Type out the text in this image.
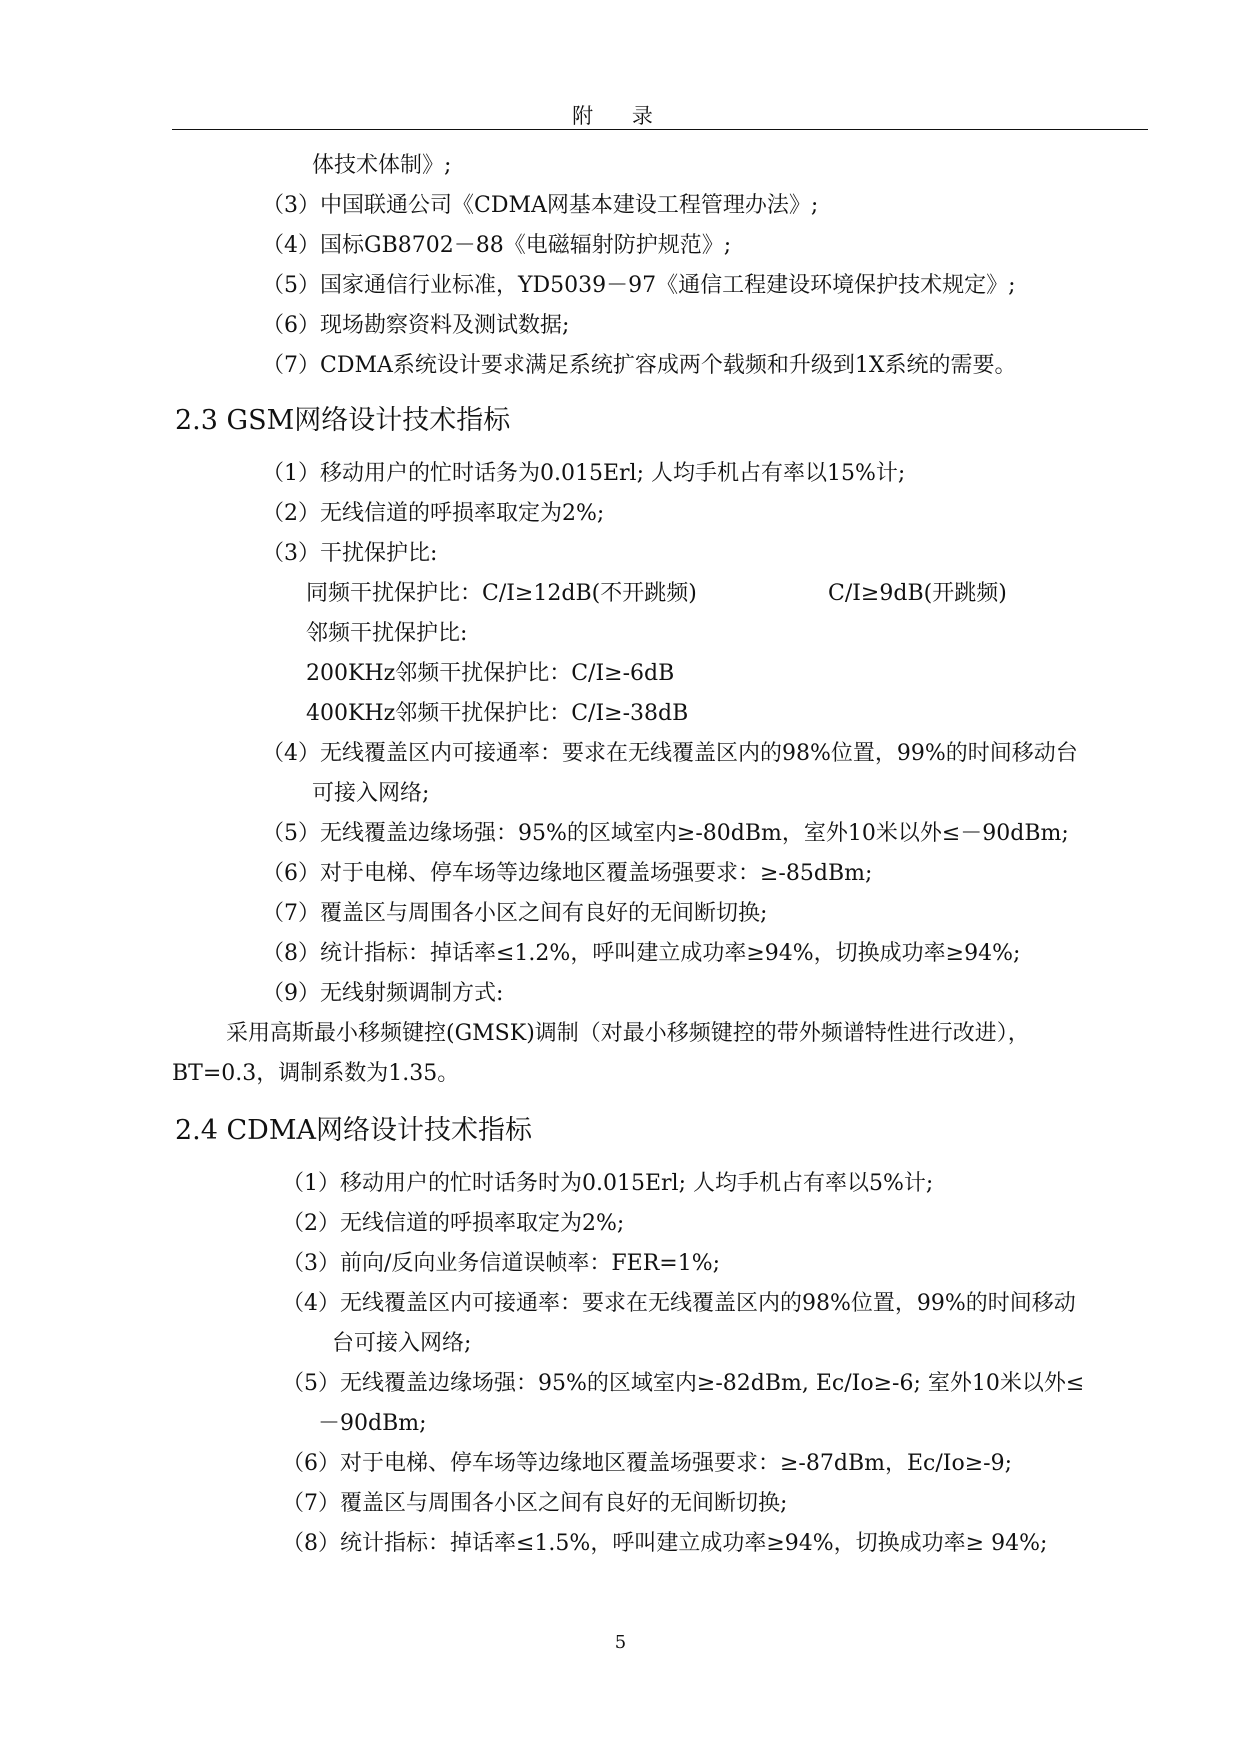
附 录
体技术体制》;
（3）中国联通公司《CDMA网基本建设工程管理办法》;
（4）国标GB8702－88《电磁辐射防护规范》;
（5）国家通信行业标准，YD5039－97《通信工程建设环境保护技术规定》;
（6）现场勘察资料及测试数据;
（7）CDMA系统设计要求满足系统扩容成两个载频和升级到1X系统的需要。
2.3 GSM网络设计技术指标
（1）移动用户的忙时话务为0.015Erl; 人均手机占有率以15%计;
（2）无线信道的呼损率取定为2%;
（3）干扰保护比:
同频干扰保护比：C/I≥12dB(不开跳频)	C/I≥9dB(开跳频)
邻频干扰保护比:
200KHz邻频干扰保护比：C/I≥-6dB
400KHz邻频干扰保护比：C/I≥-38dB
（4）无线覆盖区内可接通率：要求在无线覆盖区内的98%位置，99%的时间移动台
可接入网络;
（5）无线覆盖边缘场强：95%的区域室内≥-80dBm，室外10米以外≤－90dBm;
（6）对于电梯、停车场等边缘地区覆盖场强要求：≥-85dBm;
（7）覆盖区与周围各小区之间有良好的无间断切换;
（8）统计指标：掉话率≤1.2%，呼叫建立成功率≥94%，切换成功率≥94%;
（9）无线射频调制方式:
采用高斯最小移频键控(GMSK)调制（对最小移频键控的带外频谱特性进行改进），
BT=0.3，调制系数为1.35。
2.4 CDMA网络设计技术指标
（1）移动用户的忙时话务时为0.015Erl; 人均手机占有率以5%计;
（2）无线信道的呼损率取定为2%;
（3）前向/反向业务信道误帧率：FER=1%;
（4）无线覆盖区内可接通率：要求在无线覆盖区内的98%位置，99%的时间移动
台可接入网络;
（5）无线覆盖边缘场强：95%的区域室内≥-82dBm, Ec/Io≥-6; 室外10米以外≤
－90dBm;
（6）对于电梯、停车场等边缘地区覆盖场强要求：≥-87dBm，Ec/Io≥-9;
（7）覆盖区与周围各小区之间有良好的无间断切换;
（8）统计指标：掉话率≤1.5%，呼叫建立成功率≥94%，切换成功率≥ 94%;
5
